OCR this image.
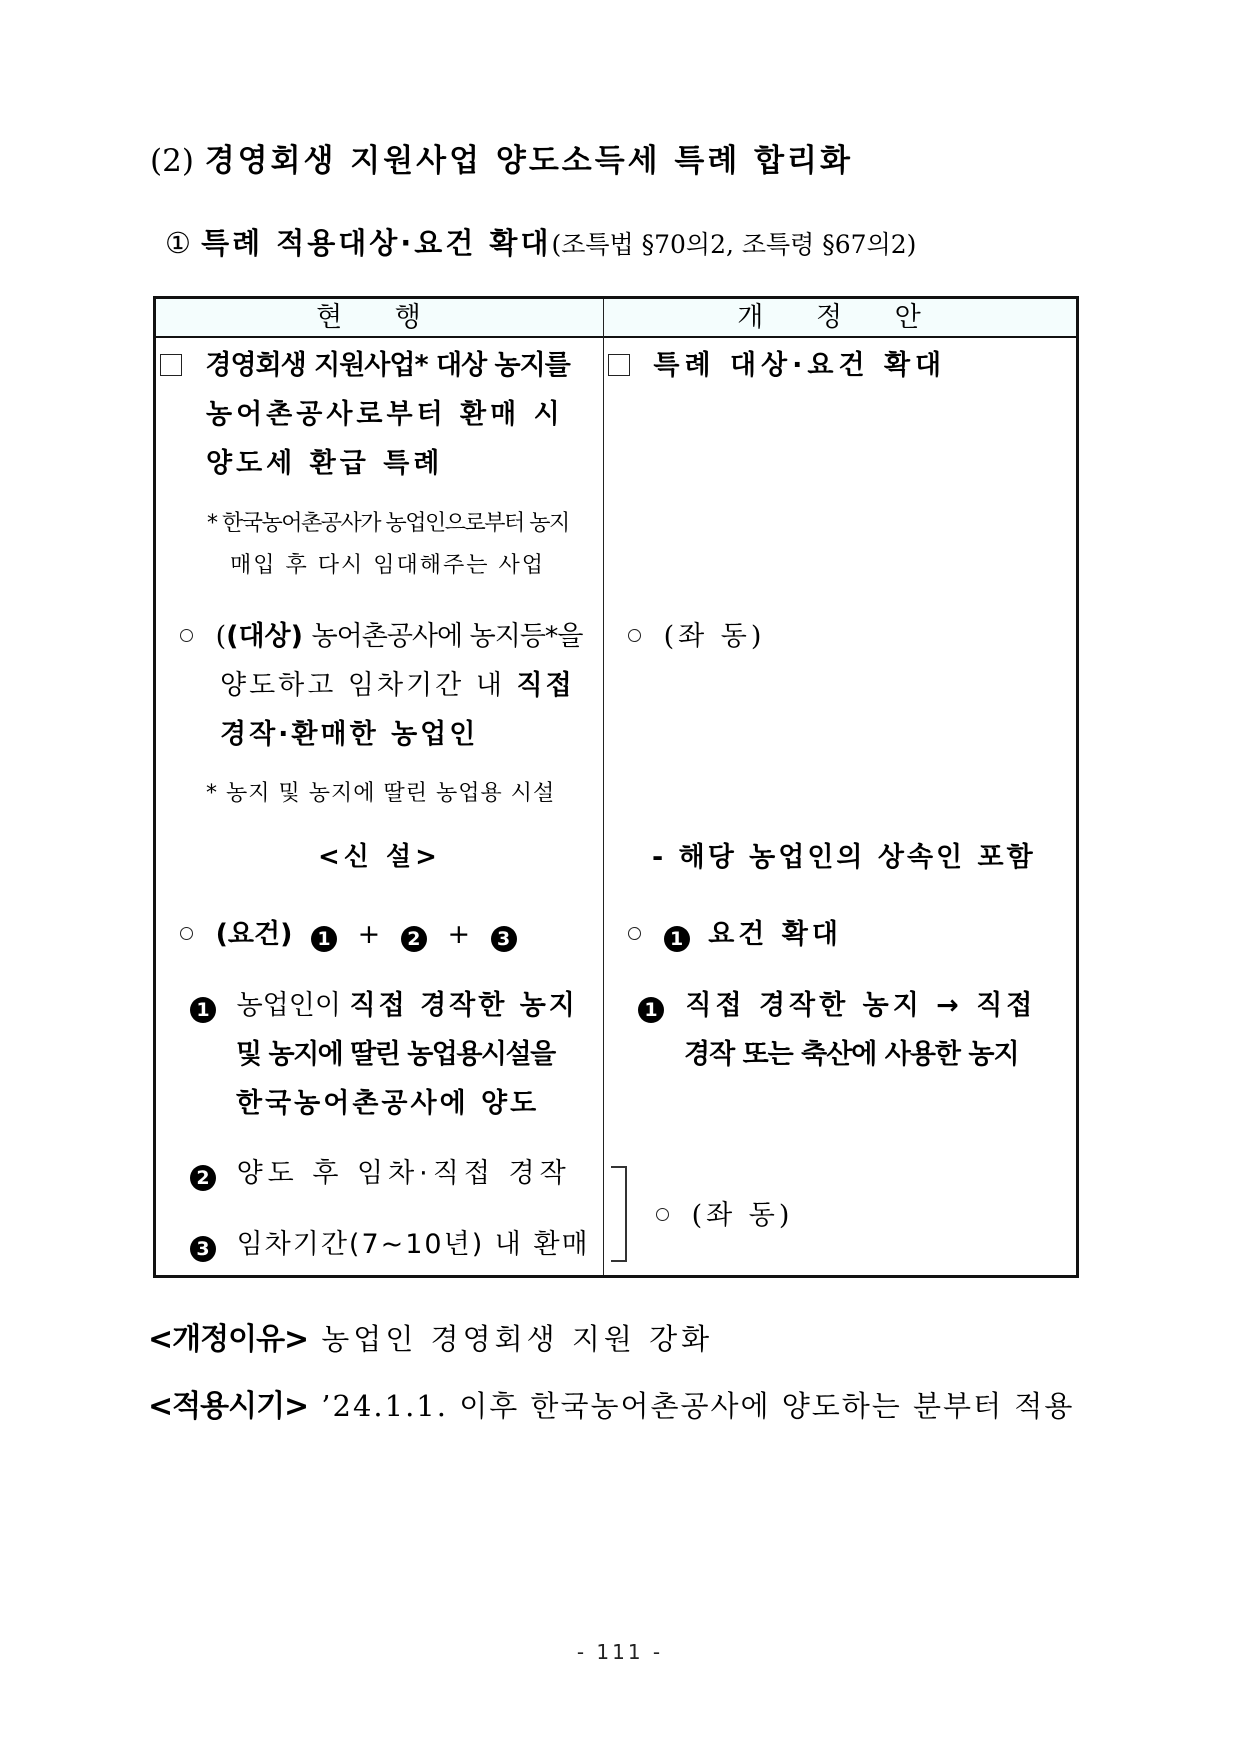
(2) 경영회생 지원사업 양도소득세 특례 합리화
① 특례 적용대상·요건 확대(조특법 §70의2, 조특령 §67의2)
현 행	개 정 안
경영회생 지원사업* 대상 농지를
농어촌공사로부터 환매 시
양도세 환급 특례
* 한국농어촌공사가 농업인으로부터 농지
매입 후 다시 임대해주는 사업
((대상) 농어촌공사에 농지등*을
양도하고 임차기간 내 직접
경작·환매한 농업인
* 농지 및 농지에 딸린 농업용 시설
<신 설>
(요건) 1 + 2 + 3
1 농업인이 직접 경작한 농지
및 농지에 딸린 농업용시설을
한국농어촌공사에 양도
2 양도 후 임차·직접 경작
3 임차기간(7~10년) 내 환매
특례 대상·요건 확대
(좌 동)
- 해당 농업인의 상속인 포함
1 요건 확대
1 직접 경작한 농지 → 직접
경작 또는 축산에 사용한 농지
(좌 동)
<개정이유> 농업인 경영회생 지원 강화
<적용시기> ’24.1.1. 이후 한국농어촌공사에 양도하는 분부터 적용
- 111 -
